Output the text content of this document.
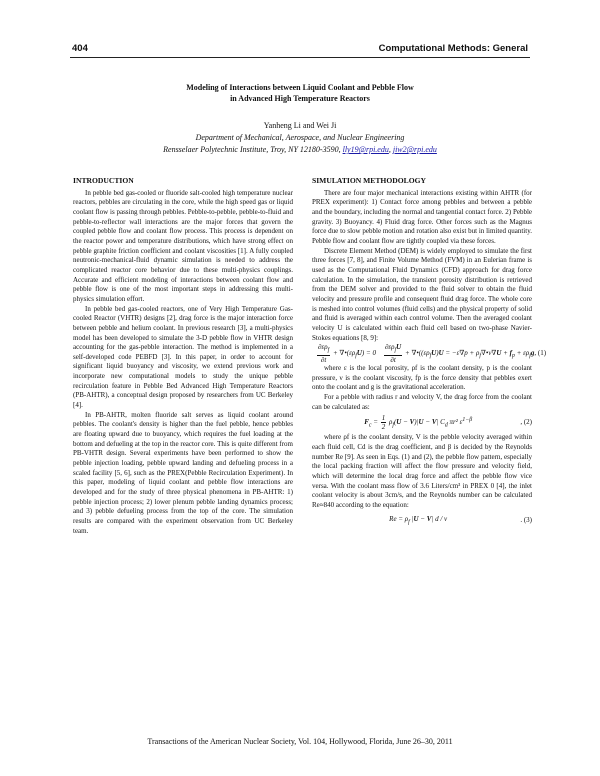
404	Computational Methods: General
Modeling of Interactions between Liquid Coolant and Pebble Flow
in Advanced High Temperature Reactors
Yanheng Li and Wei Ji
Department of Mechanical, Aerospace, and Nuclear Engineering
Rensselaer Polytechnic Institute, Troy, NY 12180-3590, lly19@rpi.edu, jiw2@rpi.edu
INTRODUCTION

In pebble bed gas-cooled or fluoride salt-cooled high temperature nuclear reactors, pebbles are circulating in the core, while the high speed gas or liquid coolant flow is passing through pebbles. Pebble-to-pebble, pebble-to-fluid and pebble-to-reflector wall interactions are the major forces that govern the coupled pebble flow and coolant flow process. This process is dependent on the reactor power and temperature distributions, which have strong effect on pebble graphite friction coefficient and coolant viscosities [1]. A fully coupled neutronic-mechanical-fluid dynamic simulation is needed to address the complicated reactor core behavior due to these multi-physics couplings. Accurate and efficient modeling of interactions between coolant flow and pebble flow is one of the most important steps in addressing this multi-physics simulation effort.

In pebble bed gas-cooled reactors, one of Very High Temperature Gas-cooled Reactor (VHTR) designs [2], drag force is the major interaction force between pebble and helium coolant. In previous research [3], a multi-physics model has been developed to simulate the 3-D pebble flow in VHTR design accounting for the gas-pebble interaction. The method is implemented in a self-developed code PEBFD [3]. In this paper, in order to account for significant liquid buoyancy and viscosity, we extend previous work and incorporate new computational models to study the unique pebble recirculation feature in Pebble Bed Advanced High Temperature Reactors (PB-AHTR), a conceptual design proposed by researchers from UC Berkeley [4].

In PB-AHTR, molten fluoride salt serves as liquid coolant around pebbles. The coolant's density is higher than the fuel pebble, hence pebbles are floating upward due to buoyancy, which requires the fuel loading at the bottom and defueling at the top in the reactor core. This is quite different from PB-VHTR design. Several experiments have been performed to show the pebble injection loading, pebble upward landing and defueling process in a scaled facility [5, 6], such as the PREX(Pebble Recirculation Experiment). In this paper, modeling of liquid coolant and pebble flow interactions are developed and for the study of three physical phenomena in PB-AHTR: 1) pebble injection process; 2) lower plenum pebble landing dynamics process; and 3) pebble defueling process from the top of the core. The simulation results are compared with the experiment observation from UC Berkeley team.

SIMULATION METHODOLOGY

There are four major mechanical interactions existing within AHTR (for PREX experiment): 1) Contact force among pebbles and between a pebble and the boundary, including the normal and tangential contact force. 2) Pebble gravity. 3) Buoyancy. 4) Fluid drag force. Other forces such as the Magnus force due to slow pebble motion and rotation also exist but in limited quantity. Pebble flow and coolant flow are tightly coupled via these forces.

Discrete Element Method (DEM) is widely employed to simulate the first three forces [7, 8], and Finite Volume Method (FVM) in an Eulerian frame is used as the Computational Fluid Dynamics (CFD) approach for drag force calculation. In the simulation, the transient porosity distribution is retrieved from the DEM solver and provided to the fluid solver to obtain the fluid velocity and pressure profile and consequent fluid drag force. The whole core is meshed into control volumes (fluid cells) and the physical property of solid and fluid is averaged within each control volume. Then the averaged coolant velocity U is calculated within each fluid cell based on two-phase Navier-Stokes equations [8, 9]:

$\frac{\partial\varepsilon\rho_f}{\partial t}$ + $\nabla•(\varepsilon\rho_fU) = 0 \frac{\partial\varepsilon\rho_fU}{\partial t}$ + $\nabla•((\varepsilon\rho_fU)U = -\varepsilon\nabla p$ + $\rho_f\nabla•\nu\nabla U + f_p + \varepsilon\rho_fg$ , (1)

where ε is the local porosity, ρf is the coolant density, p is the coolant pressure, ν is the coolant viscosity, fp is the force density that pebbles exert onto the coolant and g is the gravitational acceleration.

For a pebble with radius r and velocity V, the drag force from the coolant can be calculated as:

$F_c = \frac{1}{2} \rho_f(U - V)|U - V|$ $C_d$ πr² $\varepsilon^{1-\beta}$	, (2)

where ρf is the coolant density, V is the pebble velocity averaged within each fluid cell, Cd is the drag coefficient, and β is decided by the Reynolds number Re [9]. As seen in Eqs. (1) and (2), the pebble flow pattern, especially the local packing fraction will affect the flow pressure and velocity field, which will determine the local drag force and affect the pebble flow vice versa. With the coolant mass flow of 3.6 Liters/cm³ in PREX 0 [4], the inlet coolant velocity is about 3cm/s, and the Reynolds number can be calculated Re≈840 according to the equation:

$Re = \rho_f$ |U − V| d / ν	. (3)
Transactions of the American Nuclear Society, Vol. 104, Hollywood, Florida, June 26–30, 2011
